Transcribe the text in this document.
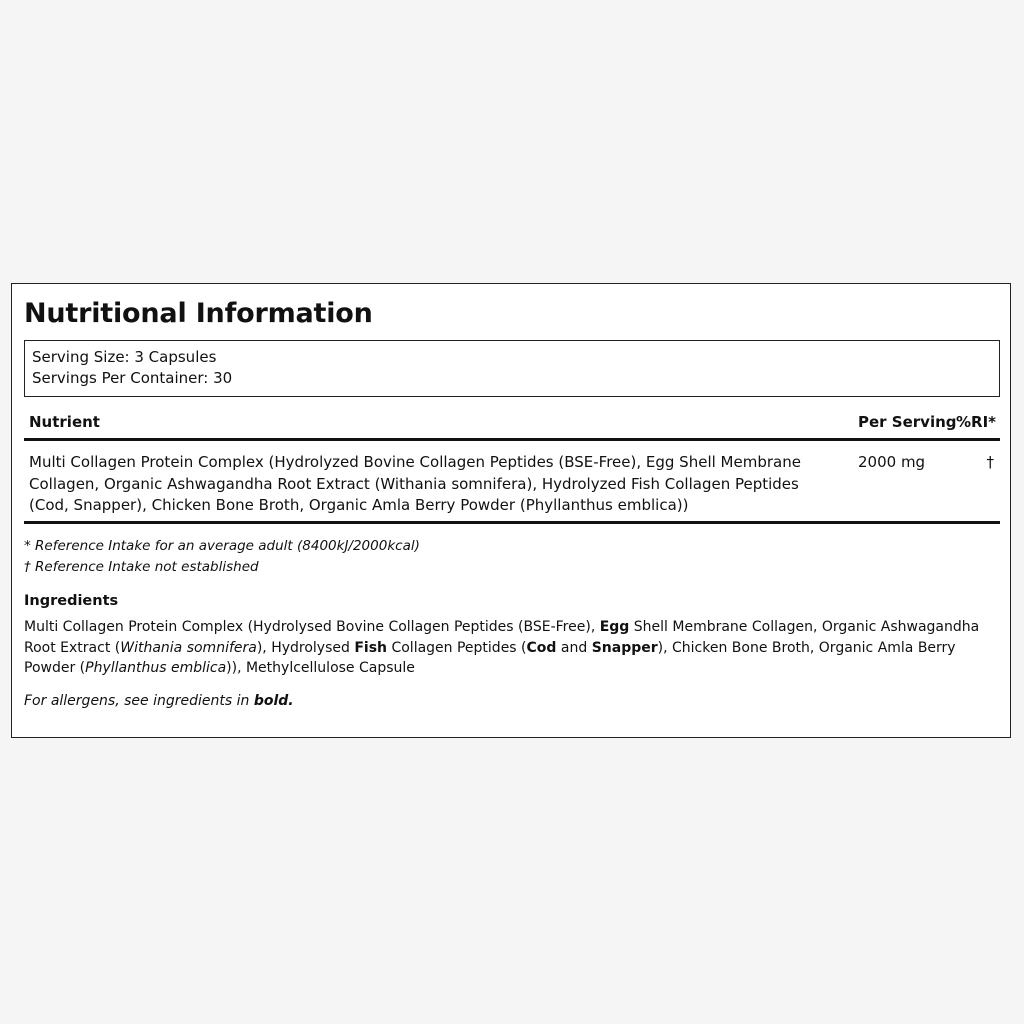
Nutritional Information
Serving Size: 3 Capsules
Servings Per Container: 30
Nutrient	Per Serving %RI*
Multi Collagen Protein Complex (Hydrolyzed Bovine Collagen Peptides (BSE-Free), Egg Shell Membrane Collagen, Organic Ashwagandha Root Extract (Withania somnifera), Hydrolyzed Fish Collagen Peptides (Cod, Snapper), Chicken Bone Broth, Organic Amla Berry Powder (Phyllanthus emblica))
2000 mg	†
* Reference Intake for an average adult (8400kJ/2000kcal)
† Reference Intake not established
Ingredients
Multi Collagen Protein Complex (Hydrolysed Bovine Collagen Peptides (BSE-Free), Egg Shell Membrane Collagen, Organic Ashwagandha Root Extract (Withania somnifera), Hydrolysed Fish Collagen Peptides (Cod and Snapper), Chicken Bone Broth, Organic Amla Berry Powder (Phyllanthus emblica)), Methylcellulose Capsule
For allergens, see ingredients in bold.
